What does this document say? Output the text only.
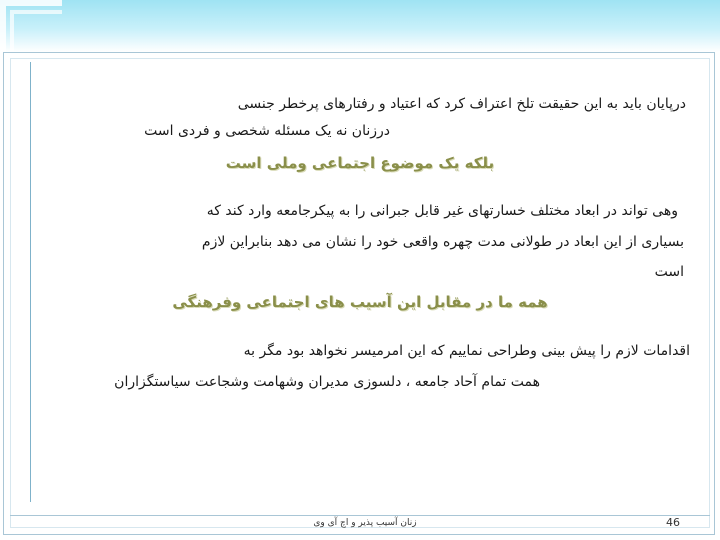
درپایان باید به این حقیقت تلخ اعتراف کرد که اعتیاد و رفتارهای پرخطر جنسی
درزنان نه یک مسئله شخصی و فردی است
بلکه یک موضوع اجتماعی وملی است
وهی تواند در ابعاد مختلف خسارتهای غیر قابل جبرانی را به پیکرجامعه وارد کند که
بسیاری از این ابعاد در طولانی مدت چهره واقعی خود را نشان می دهد بنابراین لازم
است
همه ما در مقابل این آسیب های اجتماعی وفرهنگی
اقدامات لازم را پیش بینی وطراحی نماییم که این امرمیسر نخواهد بود مگر به
همت تمام آحاد جامعه ، دلسوزی مدیران وشهامت وشجاعت سیاستگزاران
زنان آسیب پذیر و اچ آی وی	46
